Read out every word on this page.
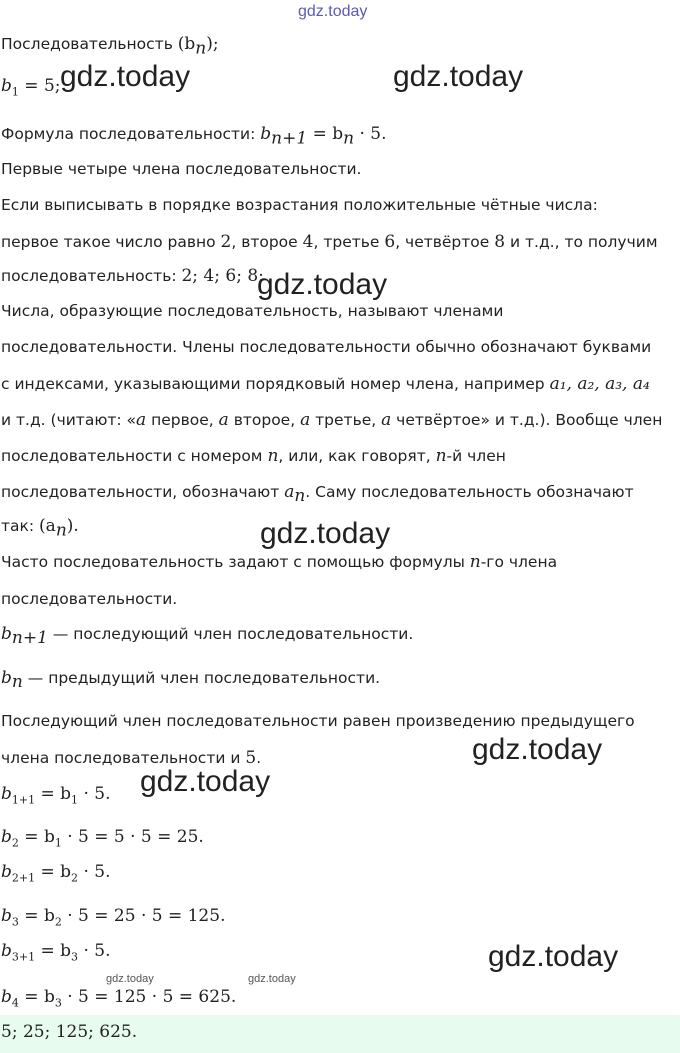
gdz.today
gdz.today	gdz.today
gdz.today
gdz.today
gdz.today
gdz.today
gdz.today
gdz.today	gdz.today
Последовательность $(b_n)$;
$b_1 = 5$;
Формула последовательности: $b_{n+1} = b_n \cdot 5$.
Первые четыре члена последовательности.
Если выписывать в порядке возрастания положительные чётные числа:
первое такое число равно 2, второе 4, третье 6, четвёртое 8 и т.д., то получим
последовательность: 2; 4; 6; 8;
Числа, образующие последовательность, называют членами
последовательности. Члены последовательности обычно обозначают буквами
с индексами, указывающими порядковый номер члена, например a₁, a₂, a₃, a₄
и т.д. (читают: «a первое, a второе, a третье, a четвёртое» и т.д.). Вообще член
последовательности с номером n, или, как говорят, n-й член
последовательности, обозначают $a_n$. Саму последовательность обозначают
так: $(a_n)$.
Часто последовательность задают с помощью формулы n-го члена
последовательности.
$b_{n+1}$ — последующий член последовательности.
$b_n$ — предыдущий член последовательности.
Последующий член последовательности равен произведению предыдущего
члена последовательности и 5.
$b_{1+1} = b_1 \cdot 5$.
$b_2 = b_1 \cdot 5 = 5 \cdot 5 = 25$.
$b_{2+1} = b_2 \cdot 5$.
$b_3 = b_2 \cdot 5 = 25 \cdot 5 = 125$.
$b_{3+1} = b_3 \cdot 5$.
$b_4 = b_3 \cdot 5 = 125 \cdot 5 = 625$.
5; 25; 125; 625.
